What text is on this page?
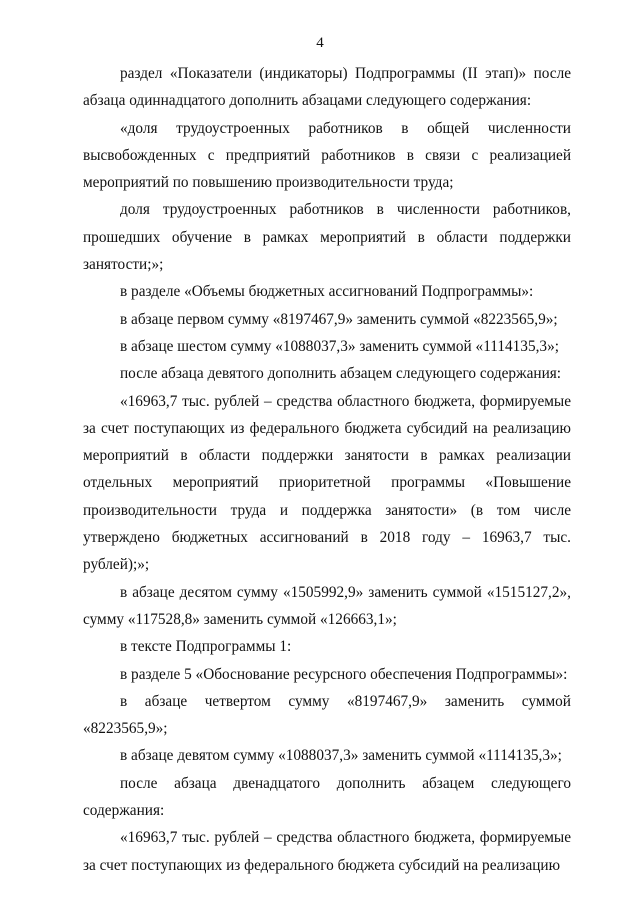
4
раздел «Показатели (индикаторы) Подпрограммы (II этап)» после
абзаца одиннадцатого дополнить абзацами следующего содержания:
«доля трудоустроенных работников в общей численности
высвобожденных с предприятий работников в связи с реализацией
мероприятий по повышению производительности труда;
доля трудоустроенных работников в численности работников,
прошедших обучение в рамках мероприятий в области поддержки
занятости;»;
в разделе «Объемы бюджетных ассигнований Подпрограммы»:
в абзаце первом сумму «8197467,9» заменить суммой «8223565,9»;
в абзаце шестом сумму «1088037,3» заменить суммой «1114135,3»;
после абзаца девятого дополнить абзацем следующего содержания:
«16963,7 тыс. рублей – средства областного бюджета, формируемые
за счет поступающих из федерального бюджета субсидий на реализацию
мероприятий в области поддержки занятости в рамках реализации
отдельных мероприятий приоритетной программы «Повышение
производительности труда и поддержка занятости» (в том числе
утверждено бюджетных ассигнований в 2018 году – 16963,7 тыс.
рублей);»;
в абзаце десятом сумму «1505992,9» заменить суммой «1515127,2»,
сумму «117528,8» заменить суммой «126663,1»;
в тексте Подпрограммы 1:
в разделе 5 «Обоснование ресурсного обеспечения Подпрограммы»:
в абзаце четвертом сумму «8197467,9» заменить суммой
«8223565,9»;
в абзаце девятом сумму «1088037,3» заменить суммой «1114135,3»;
после абзаца двенадцатого дополнить абзацем следующего
содержания:
«16963,7 тыс. рублей – средства областного бюджета, формируемые
за счет поступающих из федерального бюджета субсидий на реализацию
